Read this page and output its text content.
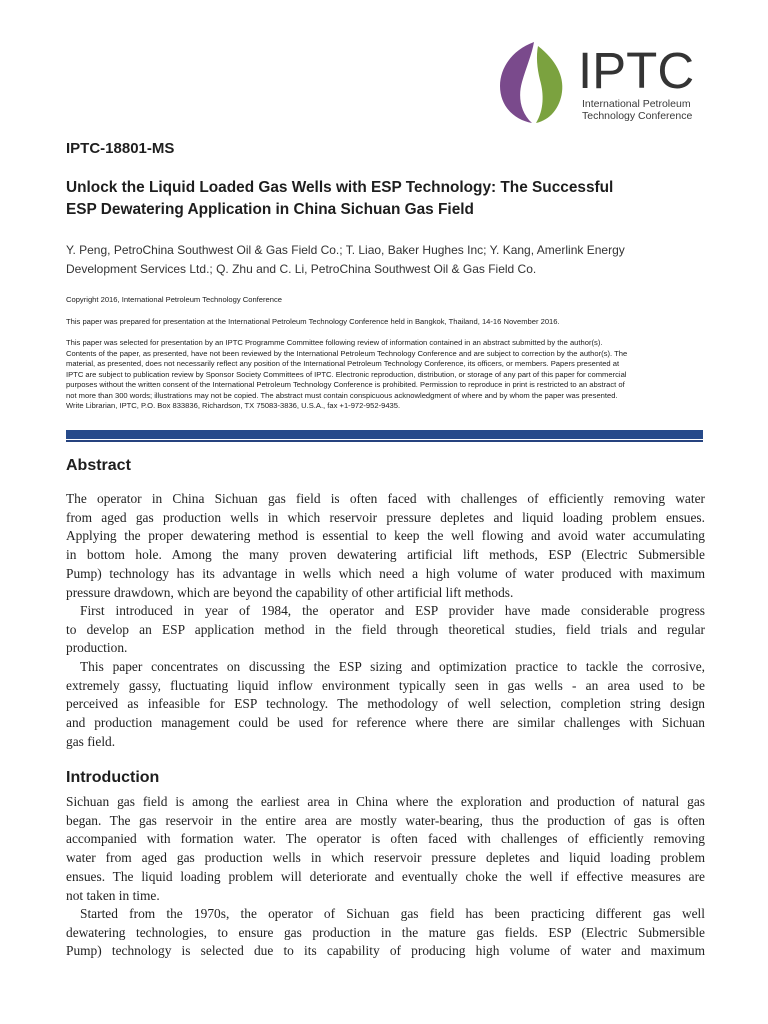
IPTC
International Petroleum
Technology Conference
IPTC-18801-MS
Unlock the Liquid Loaded Gas Wells with ESP Technology: The Successful
ESP Dewatering Application in China Sichuan Gas Field
Y. Peng, PetroChina Southwest Oil & Gas Field Co.; T. Liao, Baker Hughes Inc; Y. Kang, Amerlink Energy
Development Services Ltd.; Q. Zhu and C. Li, PetroChina Southwest Oil & Gas Field Co.
Copyright 2016, International Petroleum Technology Conference
This paper was prepared for presentation at the International Petroleum Technology Conference held in Bangkok, Thailand, 14-16 November 2016.
This paper was selected for presentation by an IPTC Programme Committee following review of information contained in an abstract submitted by the author(s).
Contents of the paper, as presented, have not been reviewed by the International Petroleum Technology Conference and are subject to correction by the author(s). The
material, as presented, does not necessarily reflect any position of the International Petroleum Technology Conference, its officers, or members. Papers presented at
IPTC are subject to publication review by Sponsor Society Committees of IPTC. Electronic reproduction, distribution, or storage of any part of this paper for commercial
purposes without the written consent of the International Petroleum Technology Conference is prohibited. Permission to reproduce in print is restricted to an abstract of
not more than 300 words; illustrations may not be copied. The abstract must contain conspicuous acknowledgment of where and by whom the paper was presented.
Write Librarian, IPTC, P.O. Box 833836, Richardson, TX 75083-3836, U.S.A., fax +1-972-952-9435.
Abstract
The operator in China Sichuan gas field is often faced with challenges of efficiently removing water
from aged gas production wells in which reservoir pressure depletes and liquid loading problem ensues.
Applying the proper dewatering method is essential to keep the well flowing and avoid water accumulating
in bottom hole. Among the many proven dewatering artificial lift methods, ESP (Electric Submersible
Pump) technology has its advantage in wells which need a high volume of water produced with maximum
pressure drawdown, which are beyond the capability of other artificial lift methods.
First introduced in year of 1984, the operator and ESP provider have made considerable progress
to develop an ESP application method in the field through theoretical studies, field trials and regular
production.
This paper concentrates on discussing the ESP sizing and optimization practice to tackle the corrosive,
extremely gassy, fluctuating liquid inflow environment typically seen in gas wells - an area used to be
perceived as infeasible for ESP technology. The methodology of well selection, completion string design
and production management could be used for reference where there are similar challenges with Sichuan
gas field.
Introduction
Sichuan gas field is among the earliest area in China where the exploration and production of natural gas
began. The gas reservoir in the entire area are mostly water-bearing, thus the production of gas is often
accompanied with formation water. The operator is often faced with challenges of efficiently removing
water from aged gas production wells in which reservoir pressure depletes and liquid loading problem
ensues. The liquid loading problem will deteriorate and eventually choke the well if effective measures are
not taken in time.
Started from the 1970s, the operator of Sichuan gas field has been practicing different gas well
dewatering technologies, to ensure gas production in the mature gas fields. ESP (Electric Submersible
Pump) technology is selected due to its capability of producing high volume of water and maximum
